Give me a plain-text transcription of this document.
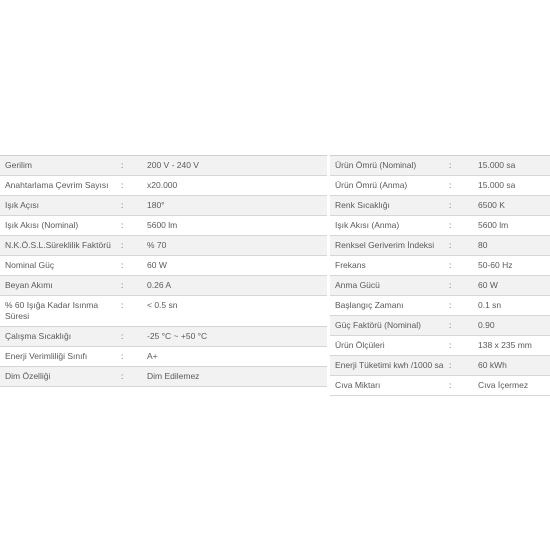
Gerilim	:	200 V - 240 V
Anahtarlama Çevrim Sayısı	:	x20.000
Işık Açısı	:	180°
Işık Akısı (Nominal)	:	5600 lm
N.K.Ö.S.L.Süreklilik Faktörü	:	% 70
Nominal Güç	:	60 W
Beyan Akımı	:	0.26 A
% 60 Işığa Kadar Isınma Süresi	:	< 0.5 sn
Çalışma Sıcaklığı	:	-25 °C ~ +50 °C
Enerji Verimliliği Sınıfı	:	A+
Dim Özelliği	:	Dim Edilemez
Ürün Ömrü (Nominal)	:	15.000 sa
Ürün Ömrü (Anma)	:	15.000 sa
Renk Sıcaklığı	:	6500 K
Işık Akısı (Anma)	:	5600 lm
Renksel Geriverim İndeksi	:	80
Frekans	:	50-60 Hz
Anma Gücü	:	60 W
Başlangıç Zamanı	:	0.1 sn
Güç Faktörü (Nominal)	:	0.90
Ürün Ölçüleri	:	138 x 235 mm
Enerji Tüketimi kwh /1000 sa	:	60 kWh
Cıva Miktarı	:	Cıva İçermez
